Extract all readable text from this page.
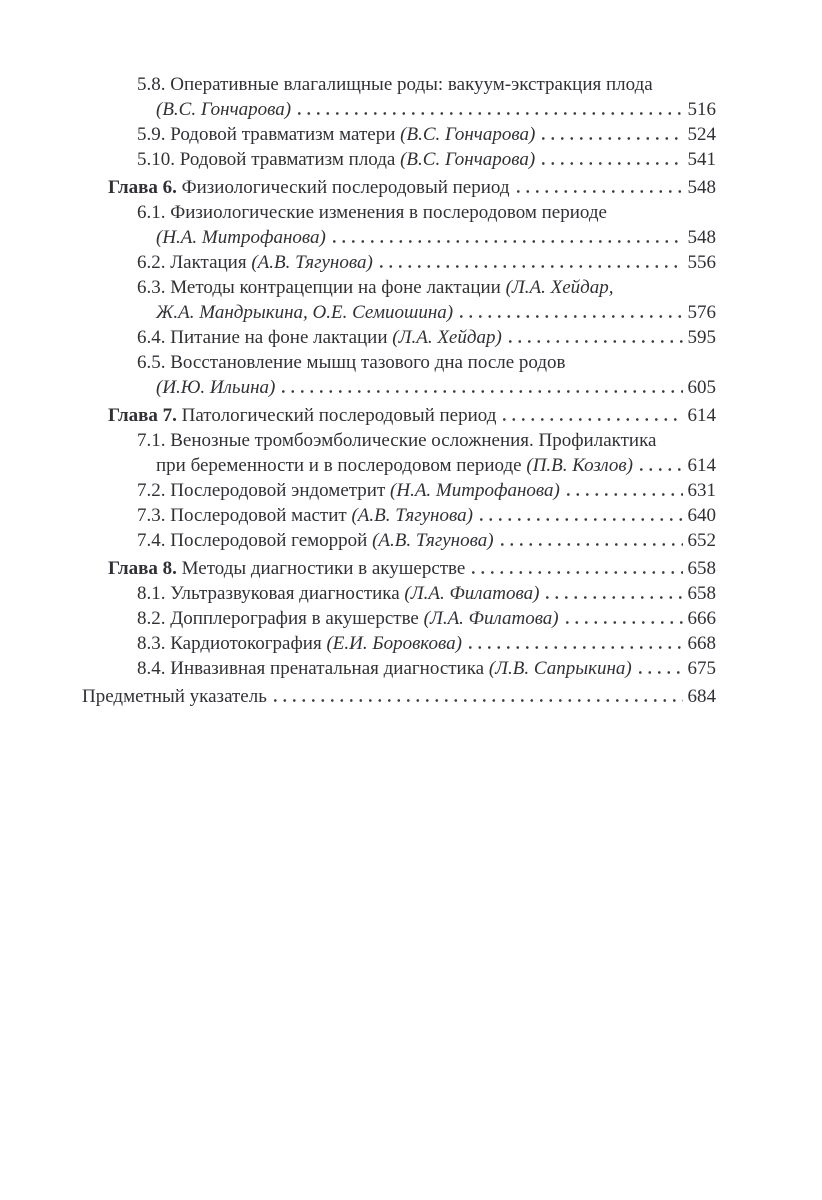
5.8. Оперативные влагалищные роды: вакуум-экстракция плода
(В.С. Гончарова)	516
5.9. Родовой травматизм матери (В.С. Гончарова)	524
5.10. Родовой травматизм плода (В.С. Гончарова)	541
Глава 6. Физиологический послеродовый период	548
6.1. Физиологические изменения в послеродовом периоде
(Н.А. Митрофанова)	548
6.2. Лактация (А.В. Тягунова)	556
6.3. Методы контрацепции на фоне лактации (Л.А. Хейдар,
Ж.А. Мандрыкина, О.Е. Семиошина)	576
6.4. Питание на фоне лактации (Л.А. Хейдар)	595
6.5. Восстановление мышц тазового дна после родов
(И.Ю. Ильина)	605
Глава 7. Патологический послеродовый период	614
7.1. Венозные тромбоэмболические осложнения. Профилактика
при беременности и в послеродовом периоде (П.В. Козлов)	614
7.2. Послеродовой эндометрит (Н.А. Митрофанова)	631
7.3. Послеродовой мастит (А.В. Тягунова)	640
7.4. Послеродовой геморрой (А.В. Тягунова)	652
Глава 8. Методы диагностики в акушерстве	658
8.1. Ультразвуковая диагностика (Л.А. Филатова)	658
8.2. Допплерография в акушерстве (Л.А. Филатова)	666
8.3. Кардиотокография (Е.И. Боровкова)	668
8.4. Инвазивная пренатальная диагностика (Л.В. Сапрыкина)	675
Предметный указатель	684
